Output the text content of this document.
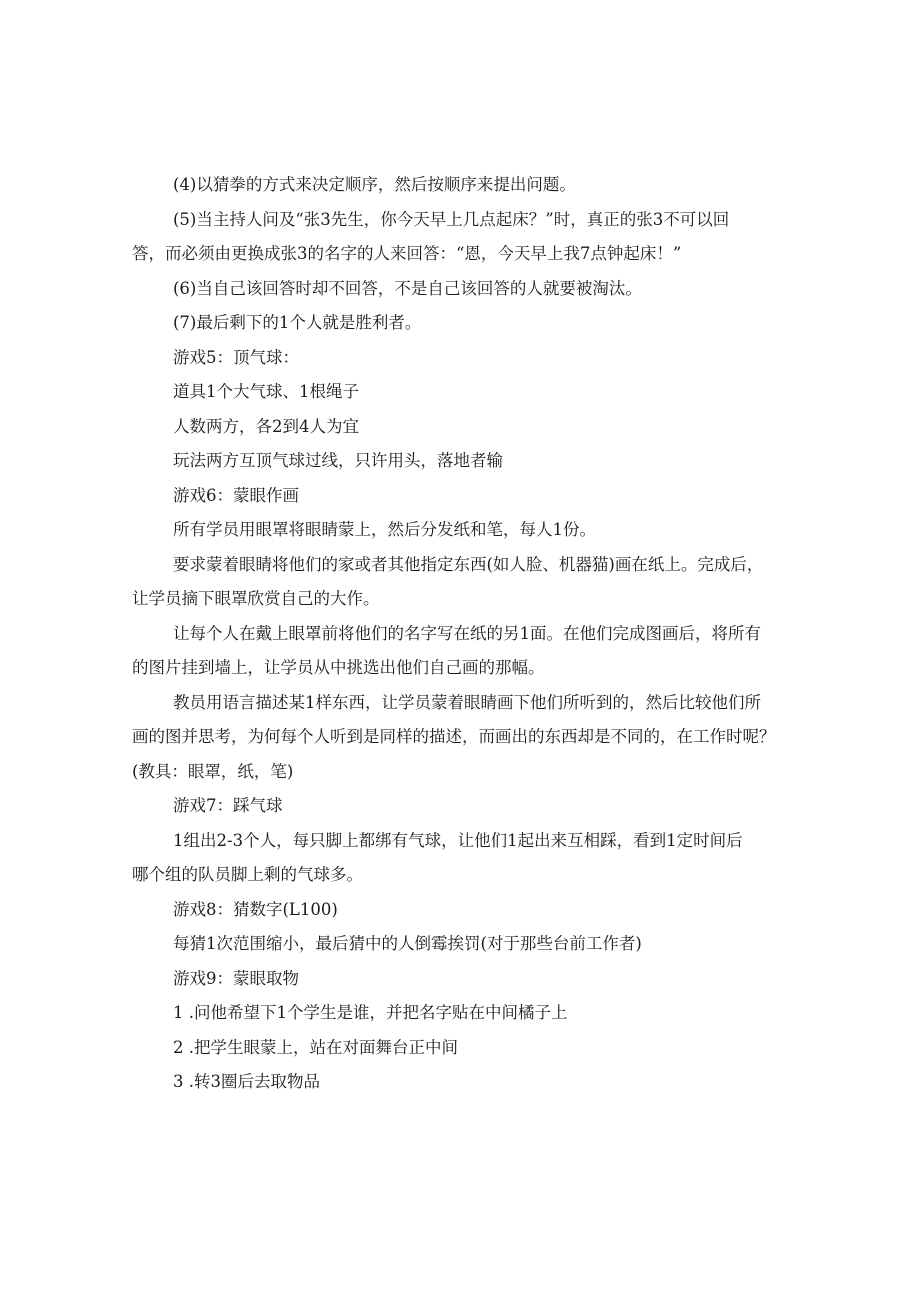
(4)以猜拳的方式来决定顺序，然后按顺序来提出问题。
(5)当主持人问及“张3先生，你今天早上几点起床？”时，真正的张3不可以回
答，而必须由更换成张3的名字的人来回答：“恩，今天早上我7点钟起床！”
(6)当自己该回答时却不回答，不是自己该回答的人就要被淘汰。
(7)最后剩下的1个人就是胜利者。
游戏5：顶气球：
道具1个大气球、1根绳子
人数两方，各2到4人为宜
玩法两方互顶气球过线，只许用头，落地者输
游戏6：蒙眼作画
所有学员用眼罩将眼睛蒙上，然后分发纸和笔，每人1份。
要求蒙着眼睛将他们的家或者其他指定东西(如人脸、机器猫)画在纸上。完成后，
让学员摘下眼罩欣赏自己的大作。
让每个人在戴上眼罩前将他们的名字写在纸的另1面。在他们完成图画后，将所有
的图片挂到墙上，让学员从中挑选出他们自己画的那幅。
教员用语言描述某1样东西，让学员蒙着眼睛画下他们所听到的，然后比较他们所
画的图并思考，为何每个人听到是同样的描述，而画出的东西却是不同的，在工作时呢？
(教具：眼罩，纸，笔)
游戏7：踩气球
1组出2-3个人，每只脚上都绑有气球，让他们1起出来互相踩，看到1定时间后
哪个组的队员脚上剩的气球多。
游戏8：猜数字(L100)
每猜1次范围缩小，最后猜中的人倒霉挨罚(对于那些台前工作者)
游戏9：蒙眼取物
1 .问他希望下1个学生是谁，并把名字贴在中间橘子上
2 .把学生眼蒙上，站在对面舞台正中间
3 .转3圈后去取物品
